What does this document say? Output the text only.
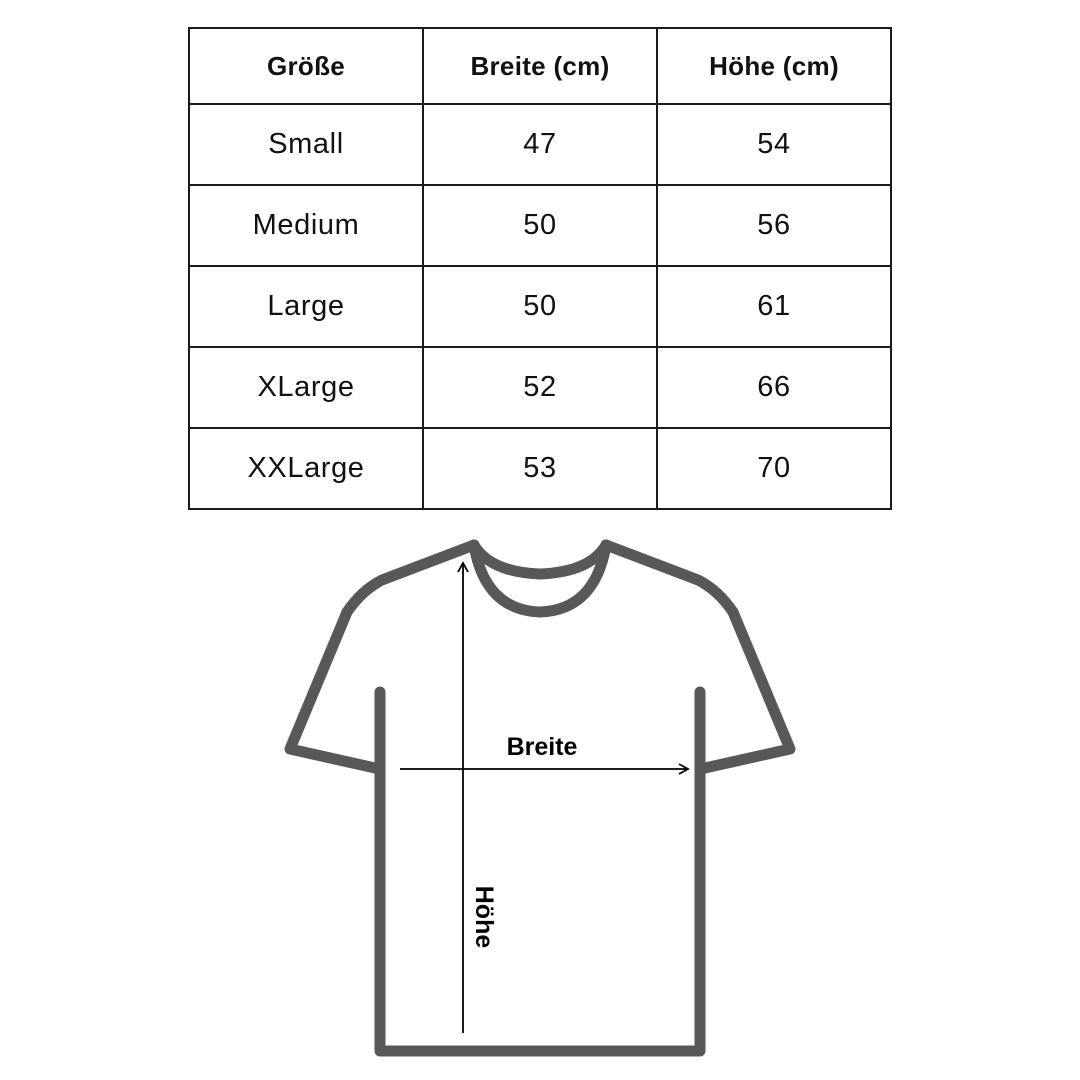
Größe	Breite (cm)	Höhe (cm)
Small	47	54
Medium	50	56
Large	50	61
XLarge	52	66
XXLarge	53	70
Breite
Höhe
